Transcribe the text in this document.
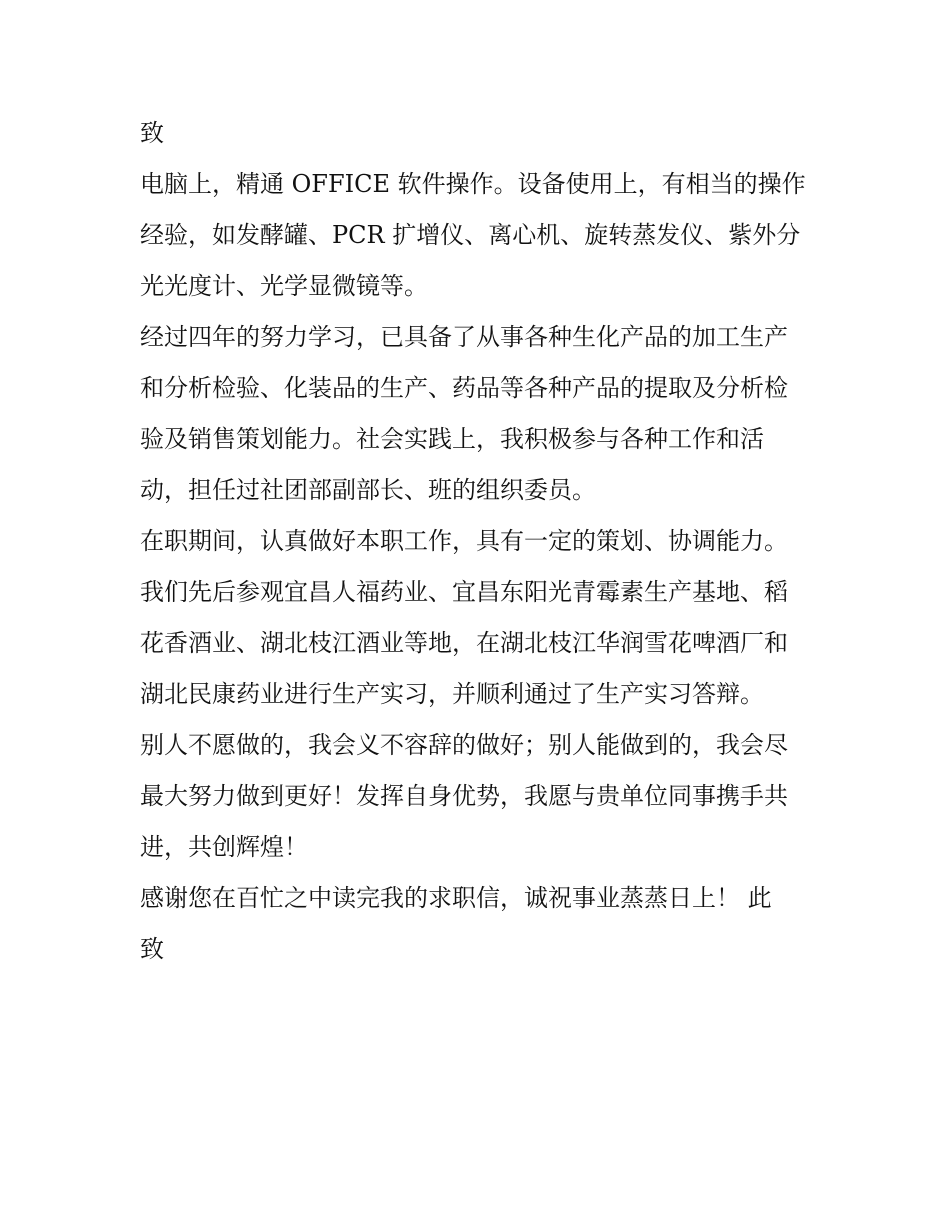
致
电脑上，精通 OFFICE 软件操作。设备使用上，有相当的操作
经验，如发酵罐、PCR 扩增仪、离心机、旋转蒸发仪、紫外分
光光度计、光学显微镜等。
经过四年的努力学习，已具备了从事各种生化产品的加工生产
和分析检验、化装品的生产、药品等各种产品的提取及分析检
验及销售策划能力。社会实践上，我积极参与各种工作和活
动，担任过社团部副部长、班的组织委员。
在职期间，认真做好本职工作，具有一定的策划、协调能力。
我们先后参观宜昌人福药业、宜昌东阳光青霉素生产基地、稻
花香酒业、湖北枝江酒业等地，在湖北枝江华润雪花啤酒厂和
湖北民康药业进行生产实习，并顺利通过了生产实习答辩。
别人不愿做的，我会义不容辞的做好；别人能做到的，我会尽
最大努力做到更好！发挥自身优势，我愿与贵单位同事携手共
进，共创辉煌！
感谢您在百忙之中读完我的求职信，诚祝事业蒸蒸日上！ 此
致
